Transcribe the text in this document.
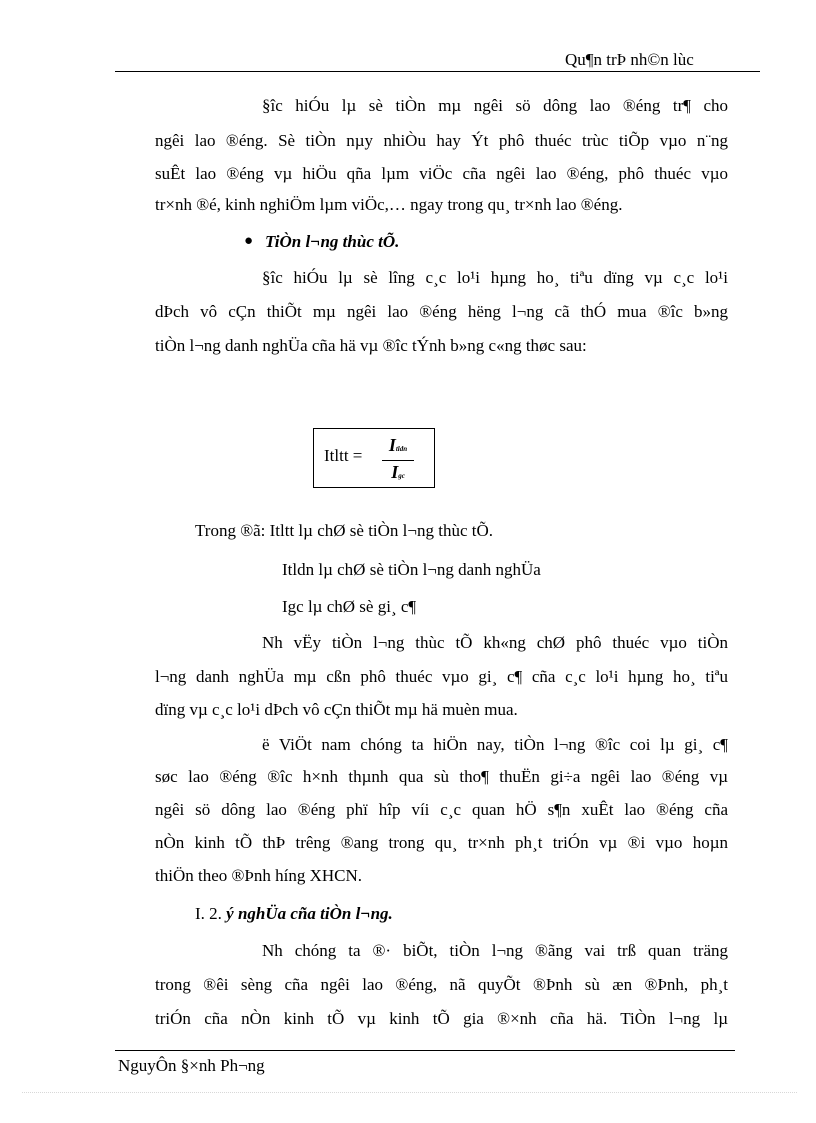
Qu¶n trÞ nh©n lùc
§îc hiÓu lµ sè tiÒn mµ ngêi sö dông lao ®éng tr¶ cho
ngêi lao ®éng. Sè tiÒn nµy nhiÒu hay Ýt phô thuéc trùc tiÕp vµo n¨ng
suÊt lao ®éng vµ hiÖu qña lµm viÖc cña ngêi lao ®éng, phô thuéc vµo
tr×nh ®é, kinh nghiÖm lµm viÖc,… ngay trong qu¸ tr×nh lao ®éng.
● TiÒn l¬ng thùc tÕ.
§îc hiÓu lµ sè lîng c¸c lo¹i hµng ho¸ tiªu dïng vµ c¸c lo¹i
dÞch vô cÇn thiÕt mµ ngêi lao ®éng hëng l¬ng cã thÓ mua ®îc b»ng
tiÒn l¬ng danh nghÜa cña hä vµ ®îc tÝnh b»ng c«ng thøc sau:
Itltt =
Itldn
Igc
Trong ®ã: Itltt lµ chØ sè tiÒn l¬ng thùc tÕ.
Itldn lµ chØ sè tiÒn l¬ng danh nghÜa
Igc lµ chØ sè gi¸ c¶
Nh vËy tiÒn l¬ng thùc tÕ kh«ng chØ phô thuéc vµo tiÒn
l¬ng danh nghÜa mµ cßn phô thuéc vµo gi¸ c¶ cña c¸c lo¹i hµng ho¸ tiªu
dïng vµ c¸c lo¹i dÞch vô cÇn thiÕt mµ hä muèn mua.
ë ViÖt nam chóng ta hiÖn nay, tiÒn l¬ng ®îc coi lµ gi¸ c¶
søc lao ®éng ®îc h×nh thµnh qua sù tho¶ thuËn gi÷a ngêi lao ®éng vµ
ngêi sö dông lao ®éng phï hîp víi c¸c quan hÖ s¶n xuÊt lao ®éng cña
nÒn kinh tÕ thÞ trêng ®ang trong qu¸ tr×nh ph¸t triÓn vµ ®i vµo hoµn
thiÖn theo ®Þnh híng XHCN.
I. 2. ý nghÜa cña tiÒn l¬ng.
Nh chóng ta ®· biÕt, tiÒn l¬ng ®ãng vai trß quan träng
trong ®êi sèng cña ngêi lao ®éng, nã quyÕt ®Þnh sù æn ®Þnh, ph¸t
triÓn cña nÒn kinh tÕ vµ kinh tÕ gia ®×nh cña hä. TiÒn l¬ng lµ
NguyÔn §×nh Ph¬ng
